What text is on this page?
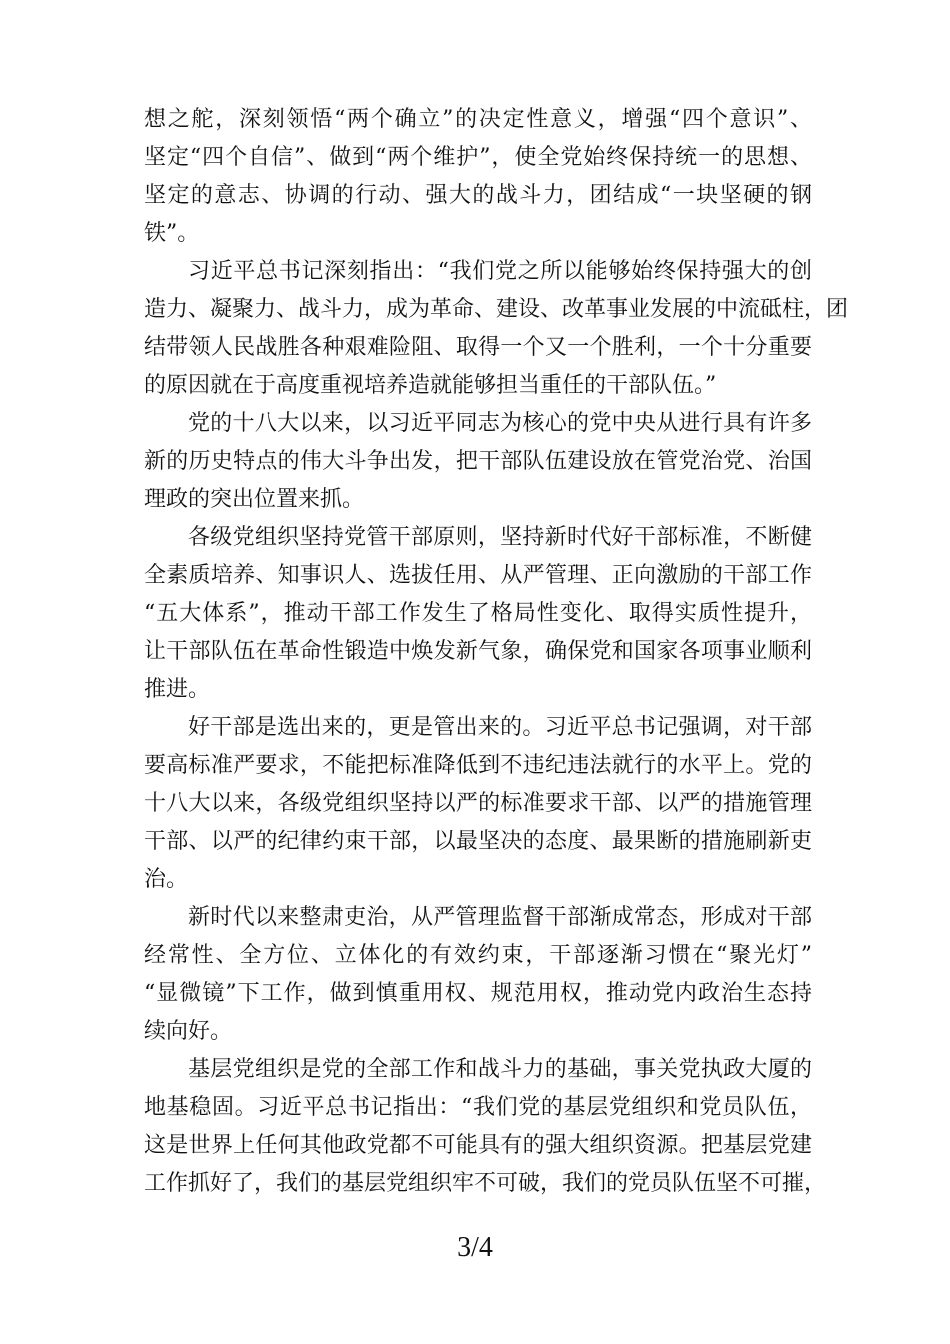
想之舵，深刻领悟“两个确立”的决定性意义，增强“四个意识”、
坚定“四个自信”、做到“两个维护”，使全党始终保持统一的思想、
坚定的意志、协调的行动、强大的战斗力，团结成“一块坚硬的钢
铁”。
习近平总书记深刻指出：“我们党之所以能够始终保持强大的创
造力、凝聚力、战斗力，成为革命、建设、改革事业发展的中流砥柱，团
结带领人民战胜各种艰难险阻、取得一个又一个胜利，一个十分重要
的原因就在于高度重视培养造就能够担当重任的干部队伍。”
党的十八大以来，以习近平同志为核心的党中央从进行具有许多
新的历史特点的伟大斗争出发，把干部队伍建设放在管党治党、治国
理政的突出位置来抓。
各级党组织坚持党管干部原则，坚持新时代好干部标准，不断健
全素质培养、知事识人、选拔任用、从严管理、正向激励的干部工作
“五大体系”，推动干部工作发生了格局性变化、取得实质性提升，
让干部队伍在革命性锻造中焕发新气象，确保党和国家各项事业顺利
推进。
好干部是选出来的，更是管出来的。习近平总书记强调，对干部
要高标准严要求，不能把标准降低到不违纪违法就行的水平上。党的
十八大以来，各级党组织坚持以严的标准要求干部、以严的措施管理
干部、以严的纪律约束干部，以最坚决的态度、最果断的措施刷新吏
治。
新时代以来整肃吏治，从严管理监督干部渐成常态，形成对干部
经常性、全方位、立体化的有效约束，干部逐渐习惯在“聚光灯”
“显微镜”下工作，做到慎重用权、规范用权，推动党内政治生态持
续向好。
基层党组织是党的全部工作和战斗力的基础，事关党执政大厦的
地基稳固。习近平总书记指出：“我们党的基层党组织和党员队伍，
这是世界上任何其他政党都不可能具有的强大组织资源。把基层党建
工作抓好了，我们的基层党组织牢不可破，我们的党员队伍坚不可摧，
3/4
